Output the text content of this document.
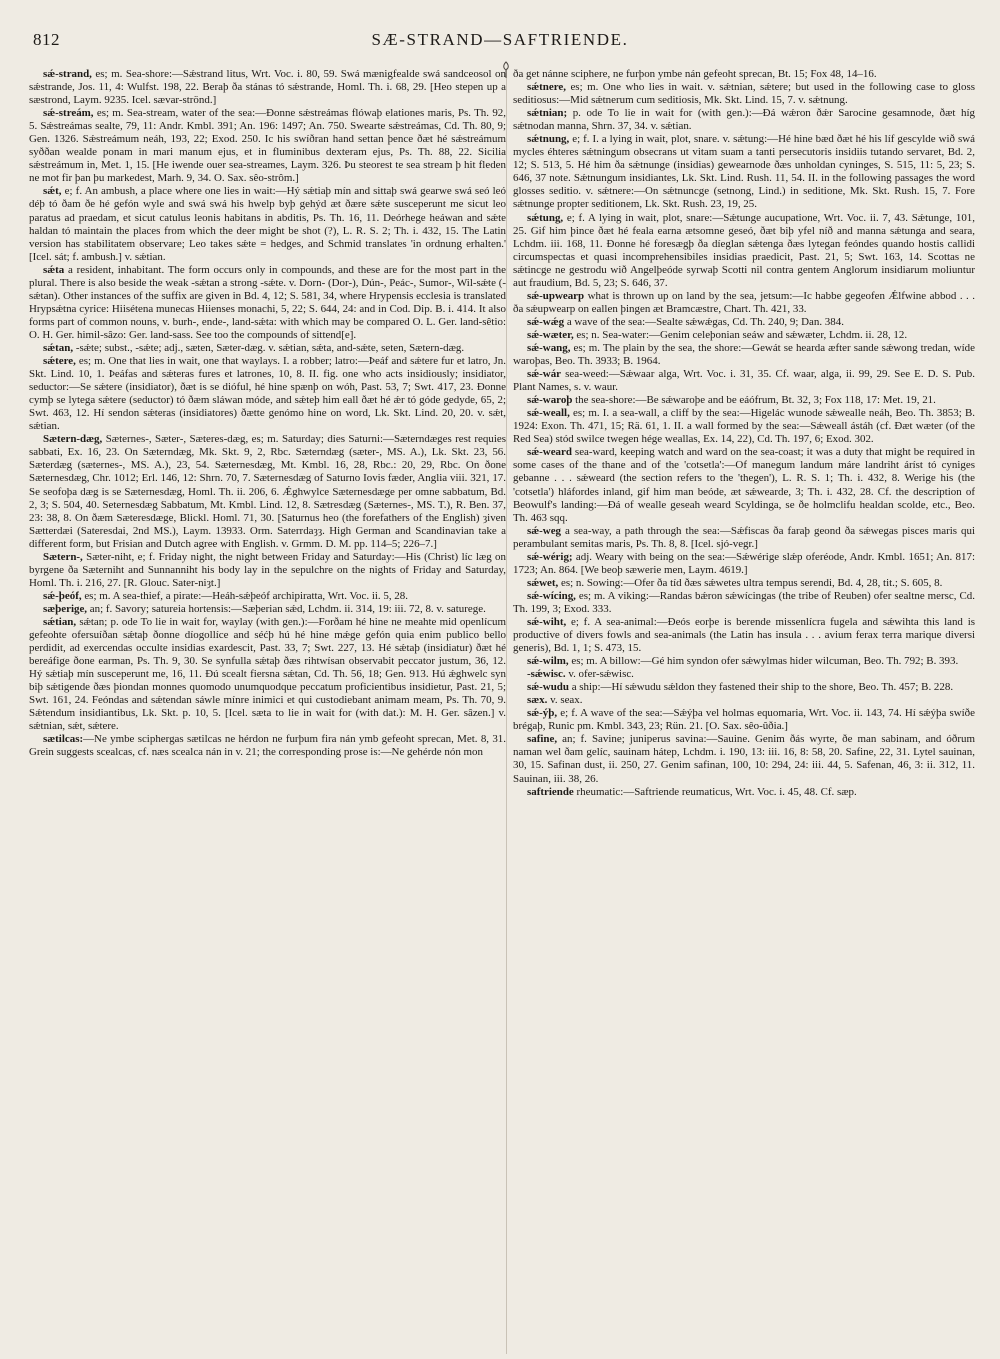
812	SÆ-STRAND—SAFTRIENDE.

sǽ-strand, es; m. Sea-shore:—Sǽstrand litus, Wrt. Voc. i. 80, 59. Swá mænigfealde swá sandceosol on sǽstrande, Jos. 11, 4: Wulfst. 198, 22. Beraþ ða stánas tó sǽstrande, Homl. Th. i. 68, 29. [Heo stepen up a sæstrond, Laym. 9235. Icel. sævar-strönd.]

sǽ-streám, es; m. Sea-stream, water of the sea:—Ðonne sǽstreámas flówaþ elationes maris, Ps. Th. 92, 5. Sǽstreámas sealte, 79, 11: Andr. Kmbl. 391; An. 196: 1497; An. 750. Swearte sǽstreámas, Cd. Th. 80, 9; Gen. 1326. Sǽstreámum neáh, 193, 22; Exod. 250. Ic his swíðran hand settan þence ðæt hé sǽstreámum syððan wealde ponam in mari manum ejus, et in fluminibus dexteram ejus, Ps. Th. 88, 22. Sicilia sǽstreámum in, Met. 1, 15. [He iwende ouer sea-streames, Laym. 326. Þu steorest te sea stream þ hit fleden ne mot fir þan þu markedest, Marh. 9, 34. O. Sax. sêo-strôm.]

sǽt, e; f. An ambush, a place where one lies in wait:—Hý sǽtiaþ mín and sittaþ swá gearwe swá seó leó déþ tó ðam ðe hé gefón wyle and swá swá his hwelp byþ gehýd æt ðære sǽte susceperunt me sicut leo paratus ad praedam, et sicut catulus leonis habitans in abditis, Ps. Th. 16, 11. Deórhege heáwan and sǽte haldan tó maintain the places from which the deer might be shot (?), L. R. S. 2; Th. i. 432, 15. The Latin version has stabilitatem observare; Leo takes sǽte = hedges, and Schmid translates 'in ordnung erhalten.' [Icel. sát; f. ambush.] v. sǽtian.

sǽta a resident, inhabitant. The form occurs only in compounds, and these are for the most part in the plural. There is also beside the weak -sǽtan a strong -sǽte. v. Dorn- (Dor-), Dún-, Peác-, Sumor-, Wil-sǽte (-sǽtan). Other instances of the suffix are given in Bd. 4, 12; S. 581, 34, where Hrypensis ecclesia is translated Hrypsǽtna cyrice: Hiisétena munecas Hiienses monachi, 5, 22; S. 644, 24: and in Cod. Dip. B. i. 414. It also forms part of common nouns, v. burh-, ende-, land-sǽta: with which may be compared O. L. Ger. land-sêtio: O. H. Ger. himil-sâzo: Ger. land-sass. See too the compounds of sittend[e].

sǽtan, -sǽte; subst., -sǽte; adj., sæten, Sæter-dæg. v. sǽtian, sǽta, and-sǽte, seten, Sætern-dæg.

sǽtere, es; m. One that lies in wait, one that waylays. I. a robber; latro:—Þeáf and sǽtere fur et latro, Jn. Skt. Lind. 10, 1. Þeáfas and sǽteras fures et latrones, 10, 8. II. fig. one who acts insidiously; insidiator, seductor:—Se sǽtere (insidiator), ðæt is se dióful, hé hine spænþ on wóh, Past. 53, 7; Swt. 417, 23. Ðonne cymþ se lytega sǽtere (seductor) tó ðæm sláwan móde, and sǽteþ him eall ðæt hé ǽr tó góde gedyde, 65, 2; Swt. 463, 12. Hí sendon sǽteras (insidiatores) ðætte genómo hine on word, Lk. Skt. Lind. 20, 20. v. sǽt, sǽtian.

Sætern-dæg, Sæternes-, Sæter-, Sæteres-dæg, es; m. Saturday; dies Saturni:—Sæterndæges rest requies sabbati, Ex. 16, 23. On Sæterndæg, Mk. Skt. 9, 2, Rbc. Sæterndæg (sæter-, MS. A.), Lk. Skt. 23, 56. Sæterdæg (sæternes-, MS. A.), 23, 54. Sæternesdæg, Mt. Kmbl. 16, 28, Rbc.: 20, 29, Rbc. On ðone Sæternesdæg, Chr. 1012; Erl. 146, 12: Shrn. 70, 7. Sæternesdæg of Saturno Iovis fæder, Anglia viii. 321, 17. Se seofoþa dæg is se Sæternesdæg, Homl. Th. ii. 206, 6. Ǽghwylce Sæternesdæge per omne sabbatum, Bd. 2, 3; S. 504, 40. Seternesdæg Sabbatum, Mt. Kmbl. Lind. 12, 8. Sætresdæg (Sæternes-, MS. T.), R. Ben. 37, 23: 38, 8. On ðæm Sæteresdæge, Blickl. Homl. 71, 30. [Saturnus heo (the forefathers of the English) ȝiven Sætterdæi (Sateresdai, 2nd MS.), Laym. 13933. Orm. Saterrdaȝȝ. High German and Scandinavian take a different form, but Frisian and Dutch agree with English. v. Grmm. D. M. pp. 114–5; 226–7.]

Sætern-, Sæter-niht, e; f. Friday night, the night between Friday and Saturday:—His (Christ) líc læg on byrgene ða Sæterniht and Sunnanniht his body lay in the sepulchre on the nights of Friday and Saturday, Homl. Th. i. 216, 27. [R. Glouc. Sater-niȝt.]

sǽ-þeóf, es; m. A sea-thief, a pirate:—Heáh-sǽþeóf archipiratta, Wrt. Voc. ii. 5, 28.

sæþerige, an; f. Savory; satureia hortensis:—Sæþerian sǽd, Lchdm. ii. 314, 19: iii. 72, 8. v. saturege.

sǽtian, sǽtan; p. ode To lie in wait for, waylay (with gen.):—Forðam hé hine ne meahte mid openlícum gefeohte ofersuíðan sǽtaþ ðonne díogollíce and séćþ hú hé hine mǽge gefón quia enim publico bello perdidit, ad exercendas occulte insidias exardescit, Past. 33, 7; Swt. 227, 13. Hé sǽtaþ (insidiatur) ðæt hé bereáfige ðone earman, Ps. Th. 9, 30. Se synfulla sǽtaþ ðæs rihtwísan observabit peccator justum, 36, 12. Hý sǽtiaþ mín susceperunt me, 16, 11. Ðú scealt fiersna sǽtan, Cd. Th. 56, 18; Gen. 913. Hú ǽghwelc syn biþ sǽtigende ðæs þiondan monnes quomodo unumquodque peccatum proficientibus insidietur, Past. 21, 5; Swt. 161, 24. Feóndas and sǽtendan sáwle mínre inimici et qui custodiebant animam meam, Ps. Th. 70, 9. Sǽtendum insidiantibus, Lk. Skt. p. 10, 5. [Icel. sæta to lie in wait for (with dat.): M. H. Ger. sâzen.] v. sǽtnian, sǽt, sǽtere.

sætilcas:—Ne ymbe sciphergas sætilcas ne hérdon ne furþum fira nán ymb gefeoht sprecan, Met. 8, 31. Grein suggests scealcas, cf. næs scealca nán in v. 21; the corresponding prose is:—Ne gehérde nón mon

ða get nánne sciphere, ne furþon ymbe nán gefeoht sprecan, Bt. 15; Fox 48, 14–16.

sǽtnere, es; m. One who lies in wait. v. sǽtnian, sǽtere; but used in the following case to gloss seditiosus:—Mid sǽtnerum cum seditiosis, Mk. Skt. Lind. 15, 7. v. sǽtnung.

sǽtnian; p. ode To lie in wait for (with gen.):—Ðá wǽron ðǽr Sarocine gesamnode, ðæt híg sǽtnodan manna, Shrn. 37, 34. v. sǽtian.

sǽtnung, e; f. I. a lying in wait, plot, snare. v. sǽtung:—Hé hine bæd ðæt hé his líf gescylde wið swá mycles éhteres sǽtningum obsecrans ut vitam suam a tanti persecutoris insidiis tutando servaret, Bd. 2, 12; S. 513, 5. Hé him ða sǽtnunge (insidias) gewearnode ðæs unholdan cyninges, S. 515, 11: 5, 23; S. 646, 37 note. Sǽtnungum insidiantes, Lk. Skt. Lind. Rush. 11, 54. II. in the following passages the word glosses seditio. v. sǽtnere:—On sǽtnuncge (setnong, Lind.) in seditione, Mk. Skt. Rush. 15, 7. Fore sǽtnunge propter seditionem, Lk. Skt. Rush. 23, 19, 25.

sǽtung, e; f. A lying in wait, plot, snare:—Sǽtunge aucupatione, Wrt. Voc. ii. 7, 43. Sǽtunge, 101, 25. Gif him þince ðæt hé feala earna ætsomne geseó, ðæt biþ yfel níð and manna sǽtunga and seara, Lchdm. iii. 168, 11. Ðonne hé foresægþ ða díeglan sǽtenga ðæs lytegan feóndes quando hostis callidi circumspectas et quasi incomprehensibiles insidias praedicit, Past. 21, 5; Swt. 163, 14. Scottas ne sǽtincge ne gestrodu wið Angelþeóde syrwaþ Scotti nil contra gentem Anglorum insidiarum moliuntur aut fraudium, Bd. 5, 23; S. 646, 37.

sǽ-upwearp what is thrown up on land by the sea, jetsum:—Ic habbe gegeofen Ǽlfwine abbod . . . ða sǽupwearp on eallen þingen æt Bramcæstre, Chart. Th. 421, 33.

sǽ-wǽg a wave of the sea:—Sealte sǽwǽgas, Cd. Th. 240, 9; Dan. 384.

sǽ-wæter, es; n. Sea-water:—Genim celeþonian seáw and sǽwæter, Lchdm. ii. 28, 12.

sǽ-wang, es; m. The plain by the sea, the shore:—Gewát se hearda æfter sande sǽwong tredan, wíde waroþas, Beo. Th. 3933; B. 1964.

sǽ-wár sea-weed:—Sǽwaar alga, Wrt. Voc. i. 31, 35. Cf. waar, alga, ii. 99, 29. See E. D. S. Pub. Plant Names, s. v. waur.

sǽ-waroþ the sea-shore:—Be sǽwaroþe and be eáófrum, Bt. 32, 3; Fox 118, 17: Met. 19, 21.

sǽ-weall, es; m. I. a sea-wall, a cliff by the sea:—Higelác wunode sǽwealle neáh, Beo. Th. 3853; B. 1924: Exon. Th. 471, 15; Rä. 61, 1. II. a wall formed by the sea:—Sǽweall ástáh (cf. Ðæt wæter (of the Red Sea) stód swilce twegen hége weallas, Ex. 14, 22), Cd. Th. 197, 6; Exod. 302.

sǽ-weard sea-ward, keeping watch and ward on the sea-coast; it was a duty that might be required in some cases of the thane and of the 'cotsetla':—Of manegum landum máre landriht áríst tó cyniges gebanne . . . sǽweard (the section refers to the 'thegen'), L. R. S. 1; Th. i. 432, 8. Werige his (the 'cotsetla') hláfordes inland, gif him man beóde, æt sǽwearde, 3; Th. i. 432, 28. Cf. the description of Beowulf's landing:—Ðá of wealle geseah weard Scyldinga, se ðe holmclifu healdan scolde, etc., Beo. Th. 463 sqq.

sǽ-weg a sea-way, a path through the sea:—Sǽfiscas ða faraþ geond ða sǽwegas pisces maris qui perambulant semitas maris, Ps. Th. 8, 8. [Icel. sjó-vegr.]

sǽ-wérig; adj. Weary with being on the sea:—Sǽwérige slǽp oferéode, Andr. Kmbl. 1651; An. 817: 1723; An. 864. [We beoþ sæwerie men, Laym. 4619.]

sǽwet, es; n. Sowing:—Ofer ða tíd ðæs sǽwetes ultra tempus serendi, Bd. 4, 28, tit.; S. 605, 8.

sǽ-wícing, es; m. A viking:—Randas bǽron sǽwícingas (the tribe of Reuben) ofer sealtne mersc, Cd. Th. 199, 3; Exod. 333.

sǽ-wiht, e; f. A sea-animal:—Ðeós eorþe is berende missenlícra fugela and sǽwihta this land is productive of divers fowls and sea-animals (the Latin has insula . . . avium ferax terra marique diversi generis), Bd. 1, 1; S. 473, 15.

sǽ-wilm, es; m. A billow:—Gé him syndon ofer sǽwylmas hider wilcuman, Beo. Th. 792; B. 393.

-sǽwisc. v. ofer-sǽwisc.

sǽ-wudu a ship:—Hí sǽwudu sǽldon they fastened their ship to the shore, Beo. Th. 457; B. 228.

sæx. v. seax.

sǽ-ýþ, e; f. A wave of the sea:—Sǽýþa vel holmas equomaria, Wrt. Voc. ii. 143, 74. Hí sǽýþa swíðe brégaþ, Runic pm. Kmbl. 343, 23; Rün. 21. [O. Sax. sêo-ûðia.]

safine, an; f. Savine; juniperus savina:—Sauine. Genim ðás wyrte, ðe man sabinam, and óðrum naman wel ðam gelíc, sauinam hátep, Lchdm. i. 190, 13: iii. 16, 8: 58, 20. Safine, 22, 31. Lytel sauinan, 30, 15. Safinan dust, ii. 250, 27. Genim safinan, 100, 10: 294, 24: iii. 44, 5. Safenan, 46, 3: ii. 312, 11. Sauinan, iii. 38, 26.

saftriende rheumatic:—Saftriende reumaticus, Wrt. Voc. i. 45, 48. Cf. sæp.
